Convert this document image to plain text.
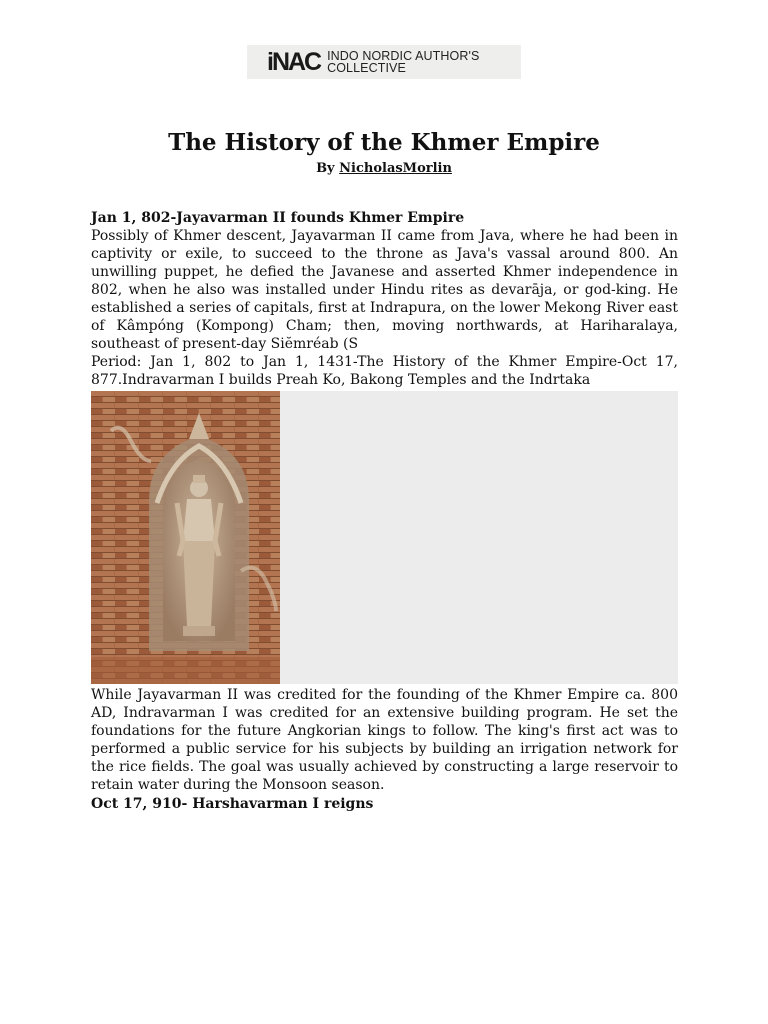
iNAC INDO NORDIC AUTHOR'S COLLECTIVE
The History of the Khmer Empire
By NicholasMorlin
Jan 1, 802-Jayavarman II founds Khmer Empire
Possibly of Khmer descent, Jayavarman II came from Java, where he had been in captivity or exile, to succeed to the throne as Java's vassal around 800. An unwilling puppet, he defied the Javanese and asserted Khmer independence in 802, when he also was installed under Hindu rites as devarāja, or god-king. He established a series of capitals, first at Indrapura, on the lower Mekong River east of Kâmpóng (Kompong) Cham; then, moving northwards, at Hariharalaya, southeast of present-day Siĕmréab (S
Period: Jan 1, 802 to Jan 1, 1431-The History of the Khmer Empire-Oct 17, 877.Indravarman I builds Preah Ko, Bakong Temples and the Indrtaka
While Jayavarman II was credited for the founding of the Khmer Empire ca. 800 AD, Indravarman I was credited for an extensive building program. He set the foundations for the future Angkorian kings to follow. The king's first act was to performed a public service for his subjects by building an irrigation network for the rice fields. The goal was usually achieved by constructing a large reservoir to retain water during the Monsoon season.
Oct 17, 910- Harshavarman I reigns
